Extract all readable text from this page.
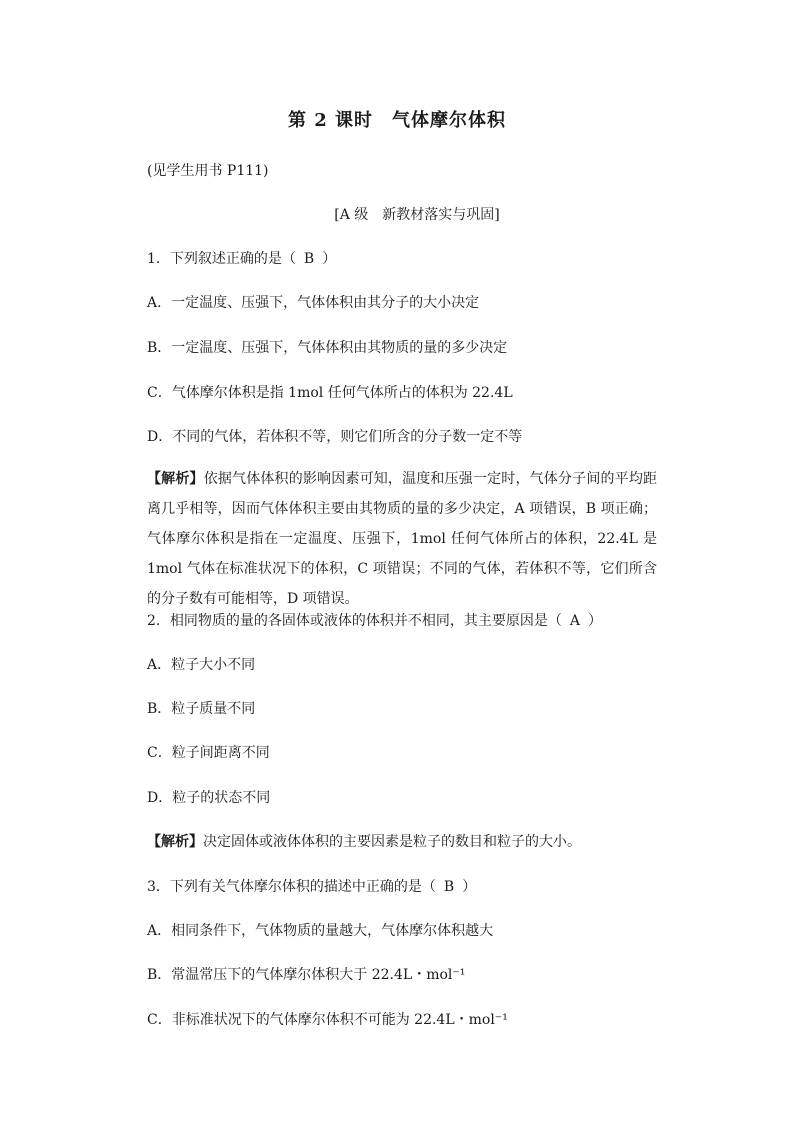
第 2 课时　气体摩尔体积
(见学生用书 P111)
[A 级　新教材落实与巩固]
1．下列叙述正确的是（ B ）
A．一定温度、压强下，气体体积由其分子的大小决定
B．一定温度、压强下，气体体积由其物质的量的多少决定
C．气体摩尔体积是指 1mol 任何气体所占的体积为 22.4L
D．不同的气体，若体积不等，则它们所含的分子数一定不等
【解析】依据气体体积的影响因素可知，温度和压强一定时，气体分子间的平均距离几乎相等，因而气体体积主要由其物质的量的多少决定，A 项错误，B 项正确；气体摩尔体积是指在一定温度、压强下，1mol 任何气体所占的体积，22.4L 是 1mol 气体在标准状况下的体积，C 项错误；不同的气体，若体积不等，它们所含的分子数有可能相等，D 项错误。
2．相同物质的量的各固体或液体的体积并不相同，其主要原因是（ A ）
A．粒子大小不同
B．粒子质量不同
C．粒子间距离不同
D．粒子的状态不同
【解析】决定固体或液体体积的主要因素是粒子的数目和粒子的大小。
3．下列有关气体摩尔体积的描述中正确的是（ B ）
A．相同条件下，气体物质的量越大，气体摩尔体积越大
B．常温常压下的气体摩尔体积大于 22.4L・mol⁻¹
C．非标准状况下的气体摩尔体积不可能为 22.4L・mol⁻¹
